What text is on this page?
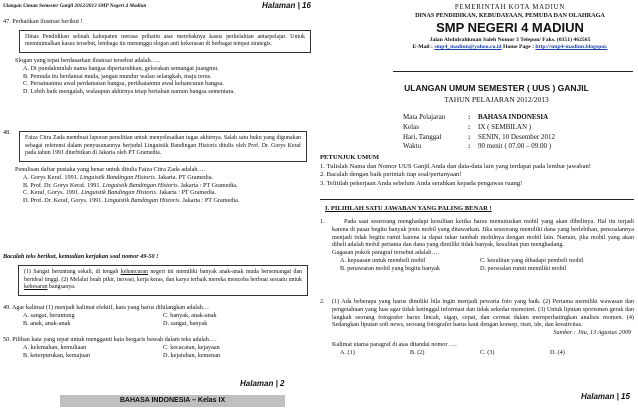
Ulangan Umum Semester Ganjil 2012/2013 SMP Negeri 4 Madiun	Halaman | 16
47. Perhatikan ilustrasi berikut !
Dinas Pendidikan sebuah kabupaten merasa prihatin atas merebaknya kasus perkelahian antarpelajar. Untuk meminimalkan kasus tersebut, lembaga itu menunggu slogan anti kekerasan di berbagai tempat strategis.
Slogan yang tepat berdasarkan ilustrasi tersebut adalah…..
A. Di pundakmulah nama bangsa dipertaruhkan, gelorakan semangat juangmu.
B. Pemuda itu berdamai muda, jangan mundur walau selangkah, maju terus.
C. Persatuanmu awal perdamaian bangsa, pertikaianmu awal kehancuran bangsa.
D. Lebih baik mengalah, walaupun akhirnya tetap bertahan namun bangsa sementara.
48.
Faiza Citra Zada membuat laporan penelitian untuk menyelesaikan tugas akhirnya. Salah satu buku yang digunakan sebagai referensi dalam penyusunannya berjudul Linguistik Bandingan Historis ditulis oleh Prof. Dr. Gorys Keraf pada tahun 1991 diterbitkan di Jakarta oleh PT Gramedia.
Penulisan daftar pustaka yang benar untuk ditulis Faiza Citra Zada adalah….
A. Gorys Keraf. 1991. Linguistik Bandingan Historis. Jakarta. PT Gramedia.
B. Prof. Dr. Gorys Keraf. 1991. Linguistik Bandingan Historis. Jakarta : PT Gramedia.
C. Keraf, Gorys. 1991. Linguistik Bandingan Historis. Jakarta : PT Gramedia.
D. Prof. Dr. Keraf, Gorys. 1991. Linguistik Bandingan Historis. Jakarta : PT Gramedia.
Bacalah teks berikut, kemudian kerjakan soal nomor 49-50 !
(1) Sangat beruntung sekali, di tengah kehancuran negeri ini memiliki banyak anak-anak muda bersemangat dan berideal tinggi. (2) Melalui buah pikir, inovasi, kerja keras, dan karya terbaik mereka mencoba berbuat sesuatu untuk kebesaran bangsanya.
49. Agar kalimat (1) menjadi kalimat efektif, kata yang harus dihilangkan adalah…
A. sangat, beruntung	C. banyak, anak-anak
B. anak, anak-anak	D. sangat, banyak
50. Pilihan kata yang tepat untuk mengganti kata bergaris bawah dalam teks adalah….
A. kelemahan, kemuliaan	C. kecacatan, kejayaan
B. keterpurukan, kemajuan	D. kejatuhan, kemenan
Halaman | 2
BAHASA INDONESIA – Kelas IX
PEMERINTAH KOTA MADIUN
DINAS PENDIDIKAN, KEBUDAYAAN, PEMUDA DAN OLAHRAGA
SMP NEGERI 4 MADIUN
Jalan Abdulrahkman Saleh Nomor 3 Telepon/ Faks. (0351) 462565
E-Mail : smp4_madiun@yahoo.co.id Home Page : http://smp4-madiun.blogspot.
ULANGAN UMUM SEMESTER ( UUS ) GANJIL
TAHUN PELAJARAN 2012/2013
Mata Pelajaran	:	BAHASA INDONESIA
Kelas	:	IX ( SEMBILAN )
Hari, Tanggal	:	SENIN, 10 Desember 2012
Waktu	:	90 menit ( 07.00 – 09.00 )
PETUNJUK UMUM
1. Tulislah Nama dan Nomor UUS Ganjil Anda dan data-data lain yang terdapat pada lembar jawaban!
2. Bacalah dengan baik perintah tiap soal/pertanyaan!
3. Telitilah pekerjaan Anda sebelum Anda serahkan kepada pengawas ruang!
I. PILIHLAH SATU JAWABAN YANG PALING BENAR !
1.	Pada saat seseorang menghadapi kesulitan ketika harus memutuskan mobil yang akan dibelinya. Hal itu terjadi karena di pasar begitu banyak jenis mobil yang ditawarkan. Jika seseorang memiliki dana yang berlebihan, pensoalannya menjadi tidak begitu rumit karena ia dapat tukar tambah mobilnya dengan mobil lain. Namun, jika mobil yang akan dibeli adalah mobil pertama dan dana yang dimiliki tidak banyak, kesulitan pun menghadang.
Gagasan pokok paragraf tersebut adalah….
A. kepuasan untuk membeli mobil	C. kesulitan yang dihadapi pembeli mobil
B. penawaran mobil yang begitu banyak	D. persoalan rumit memiliki mobil
2.	(1) Ada beberapa yang harus dimiliki bila ingin menjadi pewarta foto yang baik. (2) Pertama memiliki wawasan dan pengetahuan yang luas agar tidak ketinggal informasi dan tidak sekedar memotret. (3) Untuk liputan sportsmen gerak dan langkah seorang fotografer harus lincah, sigap, cepat, dan cermat dalam memperhatingkan analisis momen. (4) Sedangkan liputan soft news, seorang fotografer harus kaut dengan konsep, riset, ide, dan kreativitas.
Sumber : Jitu, 13 Agustus 2009
Kalimat utama paragraf di atas ditandai nomor ….
A. (1)	B. (2)	C. (3)	D. (4)
Halaman | 15
